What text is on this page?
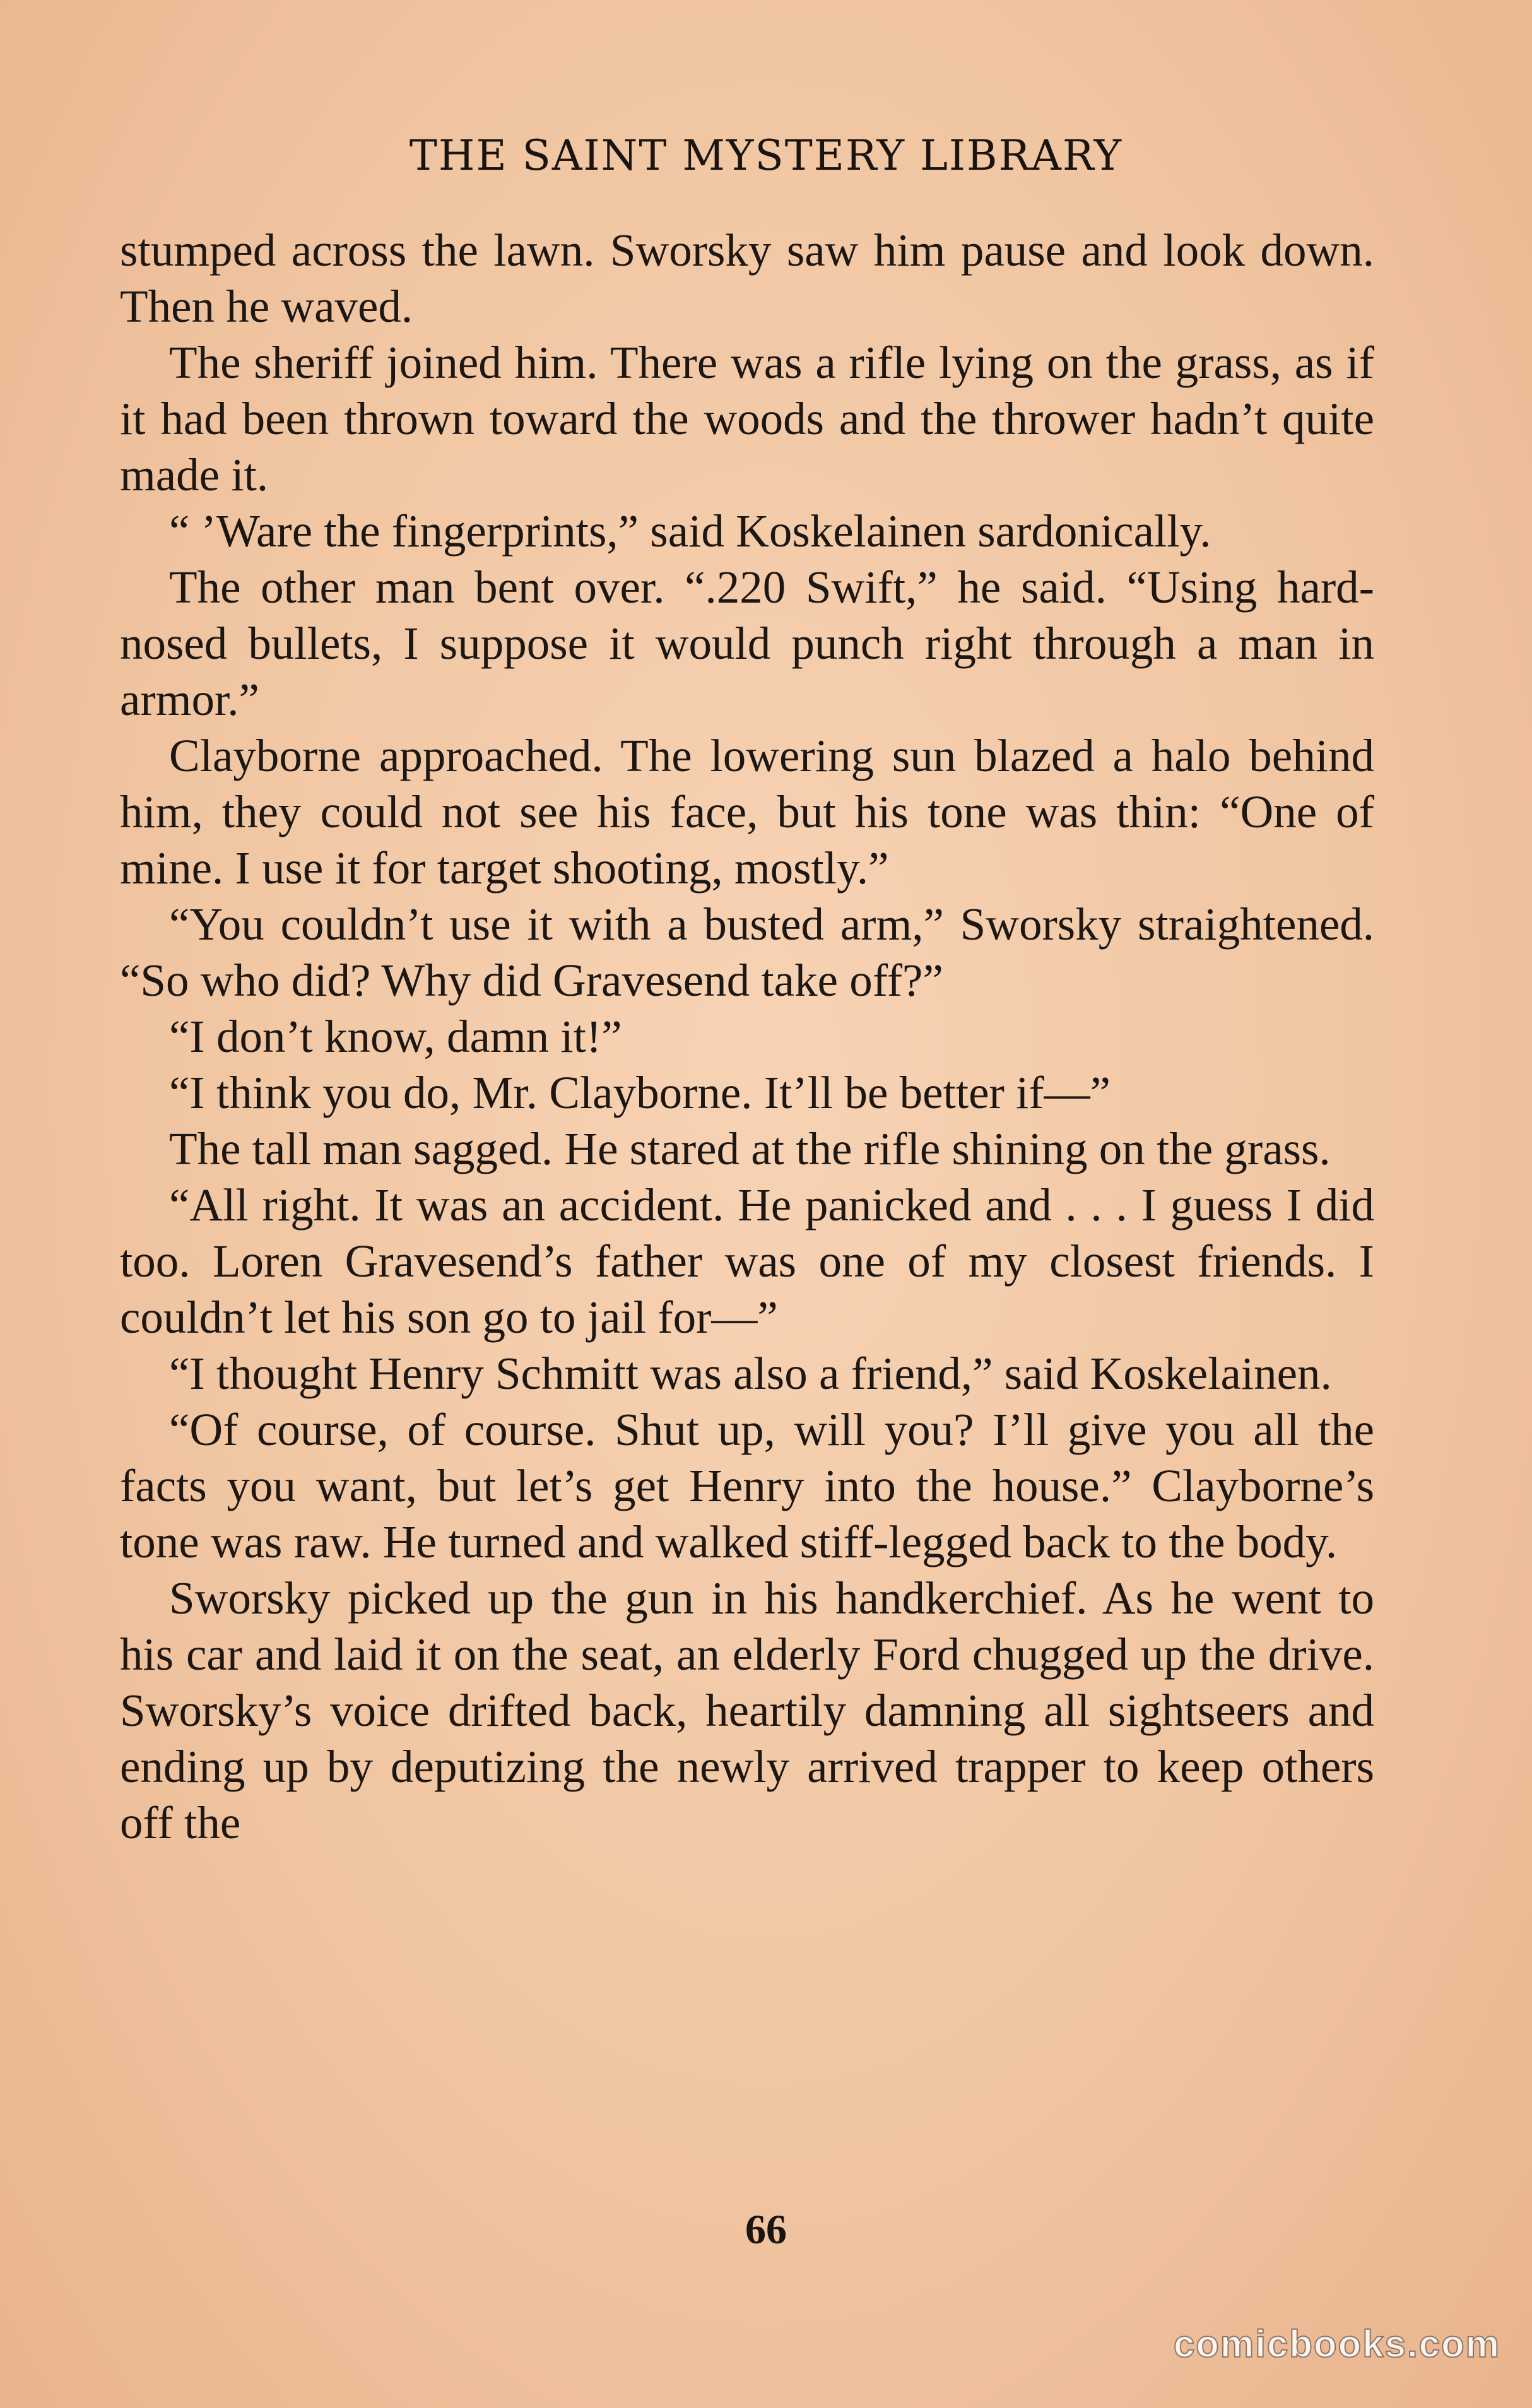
THE SAINT MYSTERY LIBRARY

stumped across the lawn. Sworsky saw him pause and look down. Then he waved.

The sheriff joined him. There was a rifle lying on the grass, as if it had been thrown toward the woods and the thrower hadn’t quite made it.

“ ’Ware the fingerprints,” said Koskelainen sardonically.

The other man bent over. “.220 Swift,” he said. “Using hard-nosed bullets, I suppose it would punch right through a man in armor.”

Clayborne approached. The lowering sun blazed a halo behind him, they could not see his face, but his tone was thin: “One of mine. I use it for target shooting, mostly.”

“You couldn’t use it with a busted arm,” Sworsky straightened. “So who did? Why did Gravesend take off?”

“I don’t know, damn it!”

“I think you do, Mr. Clayborne. It’ll be better if—”

The tall man sagged. He stared at the rifle shining on the grass.

“All right. It was an accident. He panicked and . . . I guess I did too. Loren Gravesend’s father was one of my closest friends. I couldn’t let his son go to jail for—”

“I thought Henry Schmitt was also a friend,” said Koskelainen.

“Of course, of course. Shut up, will you? I’ll give you all the facts you want, but let’s get Henry into the house.” Clayborne’s tone was raw. He turned and walked stiff-legged back to the body.

Sworsky picked up the gun in his handkerchief. As he went to his car and laid it on the seat, an elderly Ford chugged up the drive. Sworsky’s voice drifted back, heartily damning all sightseers and ending up by deputizing the newly arrived trapper to keep others off the

66
comicbooks.com
